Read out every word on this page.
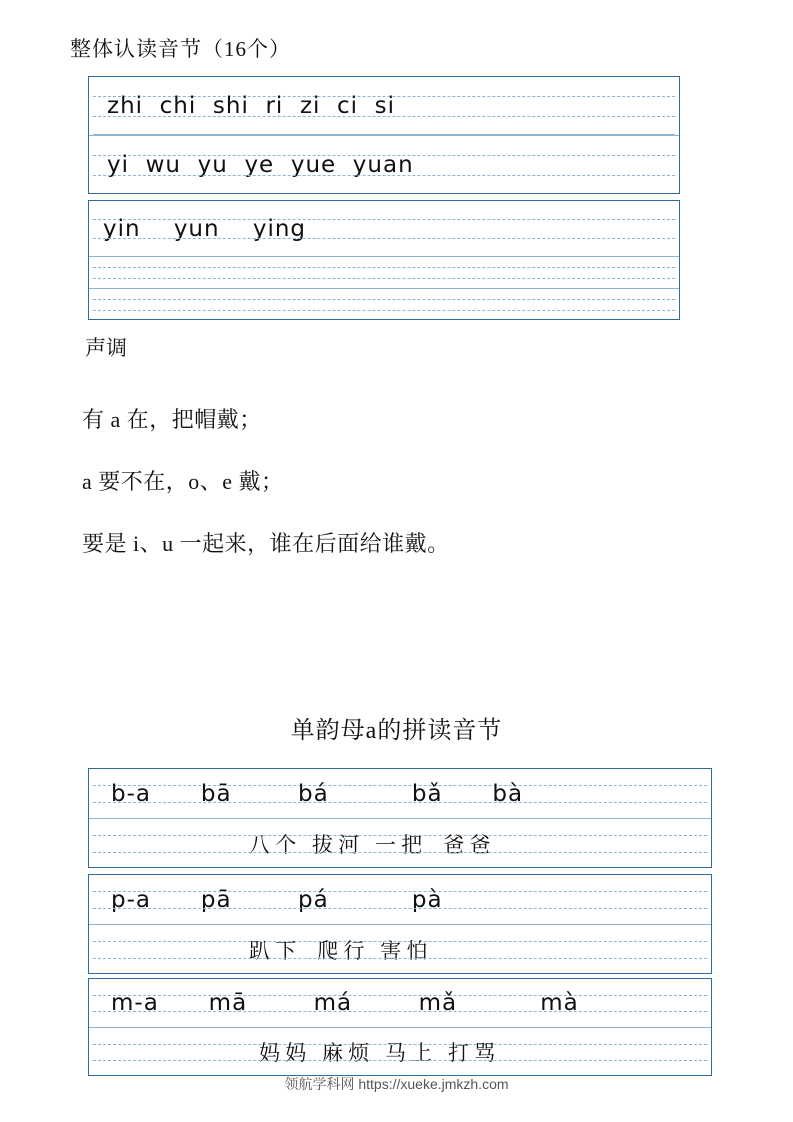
整体认读音节（16个）
zhi  chi  shi  ri  zi  ci  si
yi  wu  yu  ye  yue  yuan
yin    yun    ying
声调
有 a 在，把帽戴；
a 要不在，o、e 戴；
要是 i、u 一起来，谁在后面给谁戴。
单韵母a的拼读音节
b-a      bā        bá          bǎ      bà
八 个   拔 河   一 把    爸 爸
p-a      pā        pá          pà
趴 下    爬 行   害 怕
m-a      mā        má        mǎ          mà
妈 妈   麻 烦   马 上   打 骂
领航学科网 https://xueke.jmkzh.com
